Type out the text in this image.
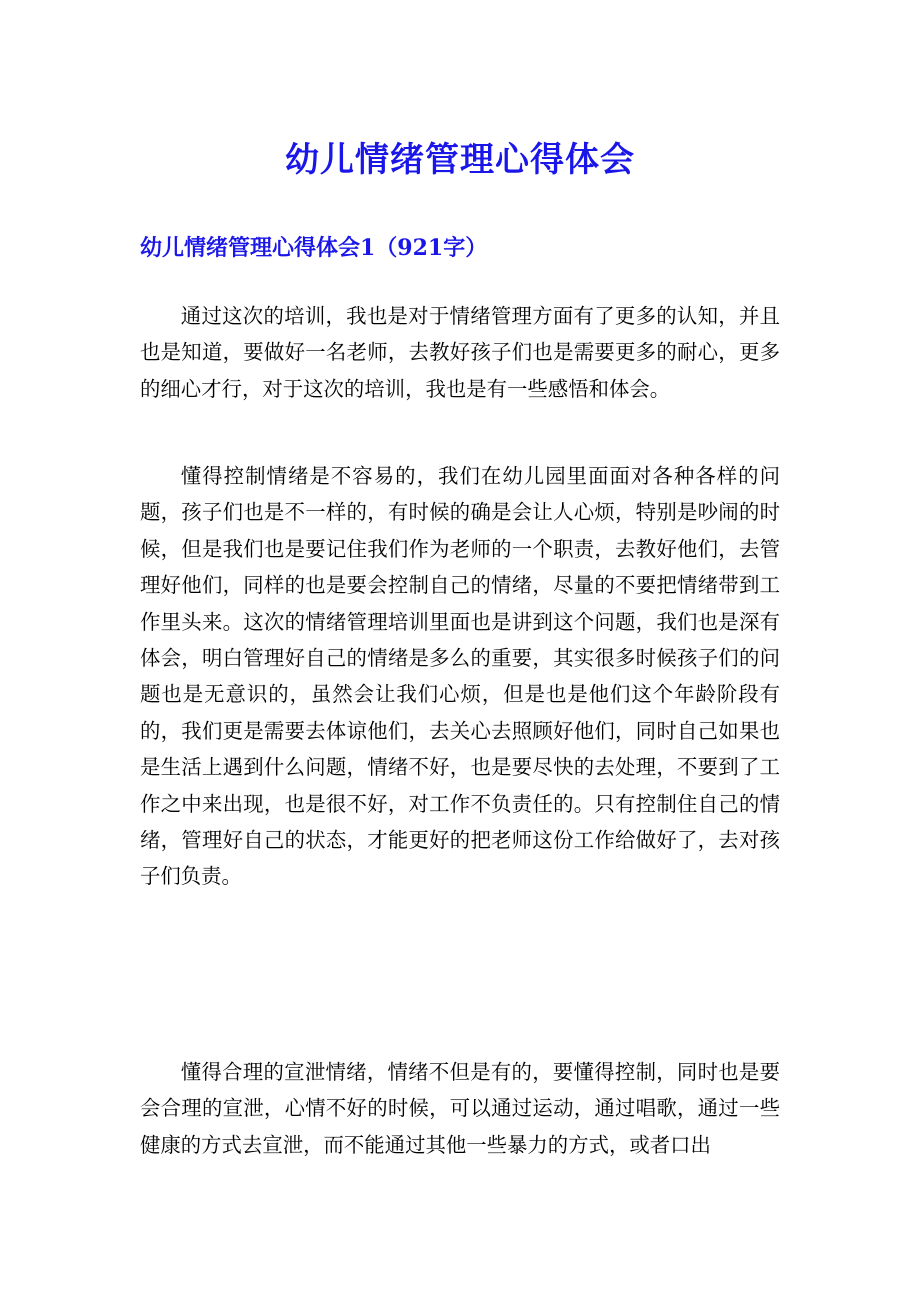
幼儿情绪管理心得体会
幼儿情绪管理心得体会1（921字）

通过这次的培训，我也是对于情绪管理方面有了更多的认知，并且也是知道，要做好一名老师，去教好孩子们也是需要更多的耐心，更多的细心才行，对于这次的培训，我也是有一些感悟和体会。

懂得控制情绪是不容易的，我们在幼儿园里面面对各种各样的问题，孩子们也是不一样的，有时候的确是会让人心烦，特别是吵闹的时候，但是我们也是要记住我们作为老师的一个职责，去教好他们，去管理好他们，同样的也是要会控制自己的情绪，尽量的不要把情绪带到工作里头来。这次的情绪管理培训里面也是讲到这个问题，我们也是深有体会，明白管理好自己的情绪是多么的重要，其实很多时候孩子们的问题也是无意识的，虽然会让我们心烦，但是也是他们这个年龄阶段有的，我们更是需要去体谅他们，去关心去照顾好他们，同时自己如果也是生活上遇到什么问题，情绪不好，也是要尽快的去处理，不要到了工作之中来出现，也是很不好，对工作不负责任的。只有控制住自己的情绪，管理好自己的状态，才能更好的把老师这份工作给做好了，去对孩子们负责。

懂得合理的宣泄情绪，情绪不但是有的，要懂得控制，同时也是要会合理的宣泄，心情不好的时候，可以通过运动，通过唱歌，通过一些健康的方式去宣泄，而不能通过其他一些暴力的方式，或者口出
